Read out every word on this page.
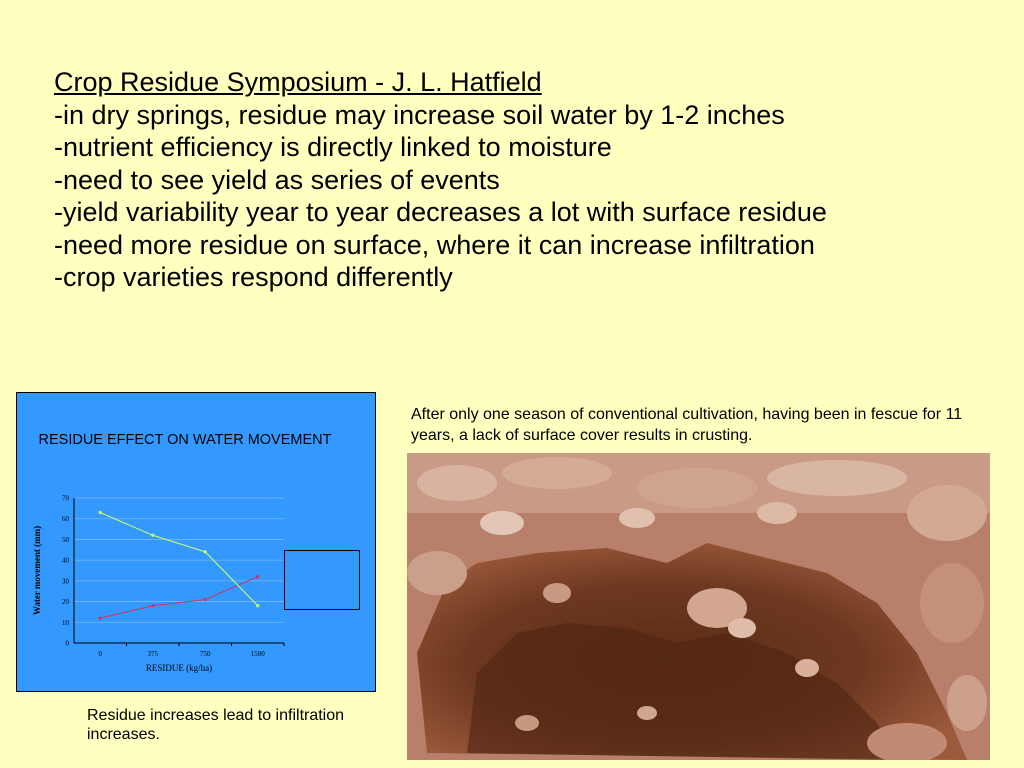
Crop Residue Symposium - J. L. Hatfield
-in dry springs, residue may increase soil water by 1-2 inches
-nutrient efficiency is directly linked to moisture
-need to see yield as series of events
-yield variability year to year decreases a lot with surface residue
-need more residue on surface, where it can increase infiltration
-crop varieties respond differently
RESIDUE EFFECT ON WATER MOVEMENT
0
10
20
30
40
50
60
70
0	375	750	1500
RESIDUE (kg/ha)
Water movement (mm)
After only one season of conventional cultivation, having been in fescue for 11 years, a lack of surface cover results in crusting.
Residue increases lead to infiltration increases.
